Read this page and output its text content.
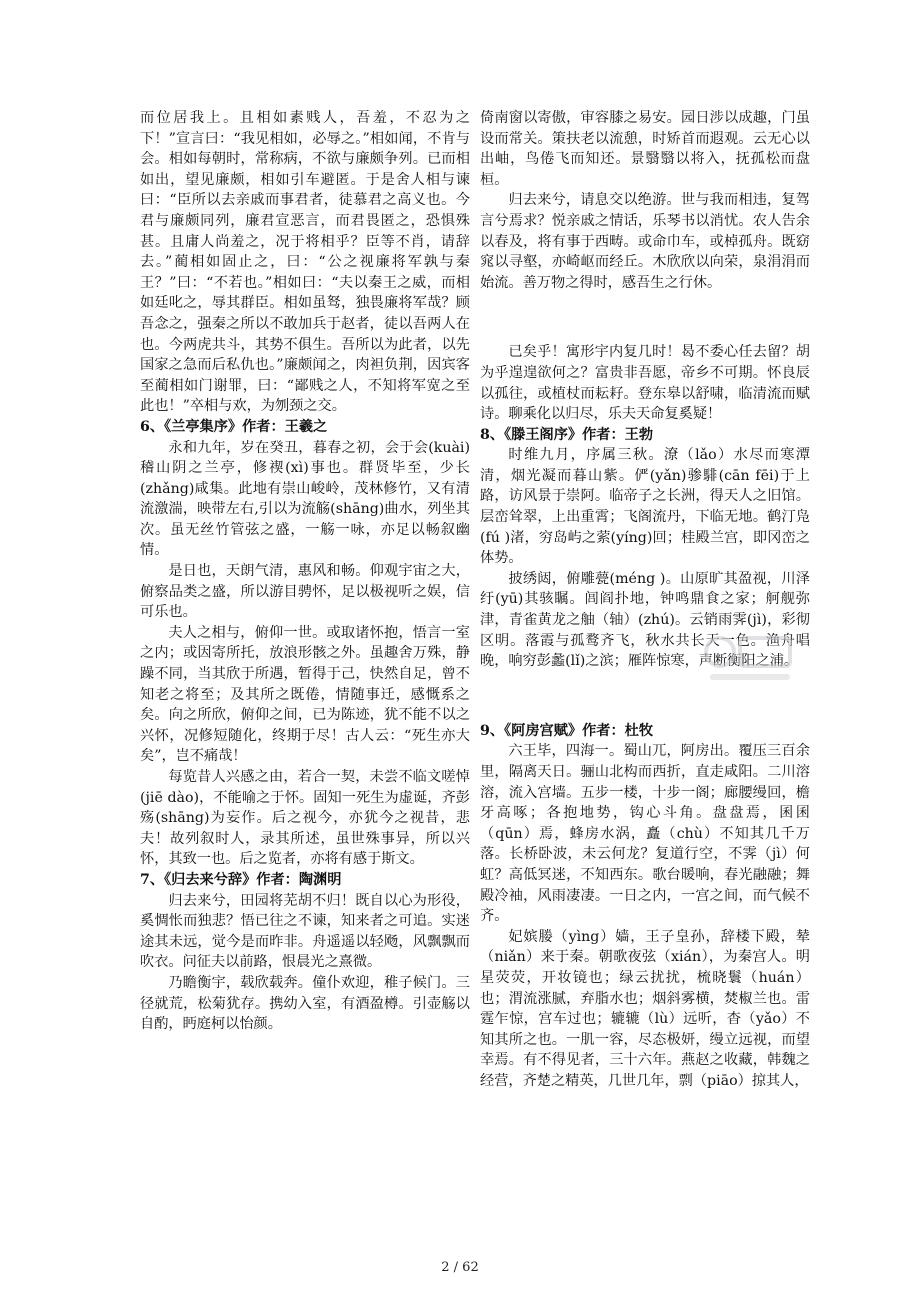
而位居我上。且相如素贱人，吾羞，不忍为之下！”宣言曰：“我见相如，必辱之。”相如闻，不肯与会。相如每朝时，常称病，不欲与廉颇争列。已而相如出，望见廉颇，相如引车避匿。于是舍人相与谏曰：“臣所以去亲戚而事君者，徒慕君之高义也。今君与廉颇同列，廉君宣恶言，而君畏匿之，恐惧殊甚。且庸人尚羞之，况于将相乎？臣等不肖，请辞去。”蔺相如固止之，曰：“公之视廉将军孰与秦王？”曰：“不若也。”相如曰：“夫以秦王之威，而相如廷叱之，辱其群臣。相如虽驽，独畏廉将军哉？顾吾念之，强秦之所以不敢加兵于赵者，徒以吾两人在也。今两虎共斗，其势不俱生。吾所以为此者，以先国家之急而后私仇也。”廉颇闻之，肉袒负荆，因宾客至蔺相如门谢罪，曰：“鄙贱之人，不知将军宽之至此也！”卒相与欢，为刎颈之交。

6、《兰亭集序》作者：王羲之

永和九年，岁在癸丑，暮春之初，会于会(kuài)稽山阴之兰亭，修禊(xì)事也。群贤毕至，少长(zhǎng)咸集。此地有崇山峻岭，茂林修竹，又有清流激湍，映带左右,引以为流觞(shāng)曲水，列坐其次。虽无丝竹管弦之盛，一觞一咏，亦足以畅叙幽情。

是日也，天朗气清，惠风和畅。仰观宇宙之大，俯察品类之盛，所以游目骋怀，足以极视听之娱，信可乐也。

夫人之相与，俯仰一世。或取诸怀抱，悟言一室之内；或因寄所托，放浪形骸之外。虽趣舍万殊，静躁不同，当其欣于所遇，暂得于己，快然自足，曾不知老之将至；及其所之既倦，情随事迁，感慨系之矣。向之所欣，俯仰之间，已为陈迹，犹不能不以之兴怀，况修短随化，终期于尽！古人云：“死生亦大矣”，岂不痛哉！

每览昔人兴感之由，若合一契，未尝不临文嗟悼(jiē dào)，不能喻之于怀。固知一死生为虚诞，齐彭殇(shāng)为妄作。后之视今，亦犹今之视昔，悲夫！故列叙时人，录其所述，虽世殊事异，所以兴怀，其致一也。后之览者，亦将有感于斯文。

7、《归去来兮辞》作者：陶渊明

归去来兮，田园将芜胡不归！既自以心为形役，奚惆怅而独悲？悟已往之不谏，知来者之可追。实迷途其未远，觉今是而昨非。舟遥遥以轻飏，风飘飘而吹衣。问征夫以前路，恨晨光之熹微。

乃瞻衡宇，载欣载奔。僮仆欢迎，稚子候门。三径就荒，松菊犹存。携幼入室，有酒盈樽。引壶觞以自酌，眄庭柯以怡颜。

倚南窗以寄傲，审容膝之易安。园日涉以成趣，门虽设而常关。策扶老以流憩，时矫首而遐观。云无心以出岫，鸟倦飞而知还。景翳翳以将入，抚孤松而盘桓。

归去来兮，请息交以绝游。世与我而相违，复驾言兮焉求？悦亲戚之情话，乐琴书以消忧。农人告余以春及，将有事于西畴。或命巾车，或棹孤舟。既窈窕以寻壑，亦崎岖而经丘。木欣欣以向荣，泉涓涓而始流。善万物之得时，感吾生之行休。

已矣乎！寓形宇内复几时！曷不委心任去留？胡为乎遑遑欲何之？富贵非吾愿，帝乡不可期。怀良辰以孤往，或植杖而耘耔。登东皋以舒啸，临清流而赋诗。聊乘化以归尽，乐夫天命复奚疑！

8、《滕王阁序》作者：王勃

时维九月，序属三秋。潦（lǎo）水尽而寒潭清，烟光凝而暮山紫。俨(yǎn)骖騑(cān fēi)于上路，访风景于崇阿。临帝子之长洲，得天人之旧馆。层峦耸翠，上出重霄；飞阁流丹，下临无地。鹤汀凫(fú )渚，穷岛屿之萦(yíng)回；桂殿兰宫，即冈峦之体势。

披绣闼，俯雕甍(méng )。山原旷其盈视，川泽纡(yū)其骇瞩。闾阎扑地，钟鸣鼎食之家；舸舰弥津，青雀黄龙之舳（轴）(zhú)。云销雨霁(jì)，彩彻区明。落霞与孤鹜齐飞，秋水共长天一色。渔舟唱晚，响穷彭蠡(lǐ)之滨；雁阵惊寒，声断衡阳之浦。

9、《阿房宫赋》作者：杜牧

六王毕，四海一。蜀山兀，阿房出。覆压三百余里，隔离天日。骊山北构而西折，直走咸阳。二川溶溶，流入宫墙。五步一楼，十步一阁；廊腰缦回，檐牙高啄；各抱地势，钩心斗角。盘盘焉，囷囷（qūn）焉，蜂房水涡，矗（chù）不知其几千万落。长桥卧波，未云何龙？复道行空，不霁（jì）何虹？高低冥迷，不知西东。歌台暖响，春光融融；舞殿冷袖，风雨凄凄。一日之内，一宫之间，而气候不齐。

妃嫔媵（yìng）嫱，王子皇孙，辞楼下殿，辇（niǎn）来于秦。朝歌夜弦（xián），为秦宫人。明星荧荧，开妆镜也；绿云扰扰，梳晓鬟（huán）也；渭流涨腻，弃脂水也；烟斜雾横，焚椒兰也。雷霆乍惊，宫车过也；辘辘（lù）远听，杳（yǎo）不知其所之也。一肌一容，尽态极妍，缦立远视，而望幸焉。有不得见者，三十六年。燕赵之收藏，韩魏之经营，齐楚之精英，几世几年，剽（piāo）掠其人，

2 / 62
